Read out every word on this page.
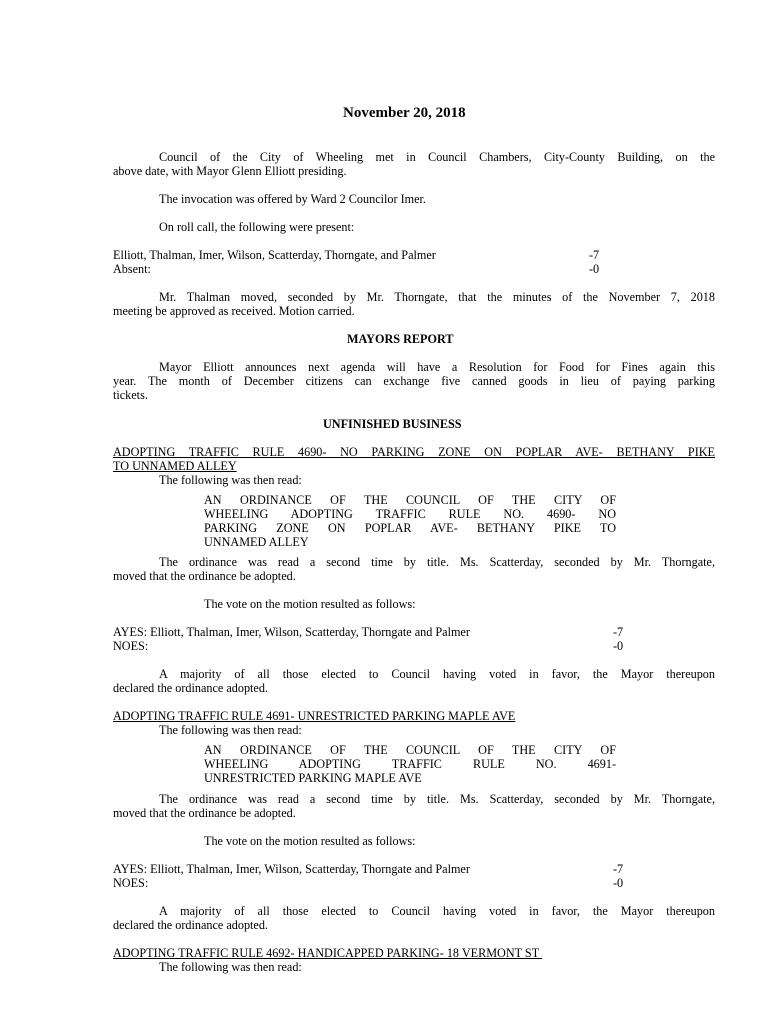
November 20, 2018
Council of the City of Wheeling met in Council Chambers, City-County Building, on the
above date, with Mayor Glenn Elliott presiding.
The invocation was offered by Ward 2 Councilor Imer.
On roll call, the following were present:
Elliott, Thalman, Imer, Wilson, Scatterday, Thorngate, and Palmer	-7
Absent:	-0
Mr. Thalman moved, seconded by Mr. Thorngate, that the minutes of the November 7, 2018
meeting be approved as received. Motion carried.
MAYORS REPORT
Mayor Elliott announces next agenda will have a Resolution for Food for Fines again this
year. The month of December citizens can exchange five canned goods in lieu of paying parking
tickets.
UNFINISHED BUSINESS
ADOPTING TRAFFIC RULE 4690- NO PARKING ZONE ON POPLAR AVE- BETHANY PIKE
TO UNNAMED ALLEY
The following was then read:
AN ORDINANCE OF THE COUNCIL OF THE CITY OF
WHEELING ADOPTING TRAFFIC RULE NO. 4690- NO
PARKING ZONE ON POPLAR AVE- BETHANY PIKE TO
UNNAMED ALLEY
The ordinance was read a second time by title. Ms. Scatterday, seconded by Mr. Thorngate,
moved that the ordinance be adopted.
The vote on the motion resulted as follows:
AYES: Elliott, Thalman, Imer, Wilson, Scatterday, Thorngate and Palmer	-7
NOES:	-0
A majority of all those elected to Council having voted in favor, the Mayor thereupon
declared the ordinance adopted.
ADOPTING TRAFFIC RULE 4691- UNRESTRICTED PARKING MAPLE AVE
The following was then read:
AN ORDINANCE OF THE COUNCIL OF THE CITY OF
WHEELING ADOPTING TRAFFIC RULE NO. 4691-
UNRESTRICTED PARKING MAPLE AVE
The ordinance was read a second time by title. Ms. Scatterday, seconded by Mr. Thorngate,
moved that the ordinance be adopted.
The vote on the motion resulted as follows:
AYES: Elliott, Thalman, Imer, Wilson, Scatterday, Thorngate and Palmer	-7
NOES:	-0
A majority of all those elected to Council having voted in favor, the Mayor thereupon
declared the ordinance adopted.
ADOPTING TRAFFIC RULE 4692- HANDICAPPED PARKING- 18 VERMONT ST
The following was then read:
